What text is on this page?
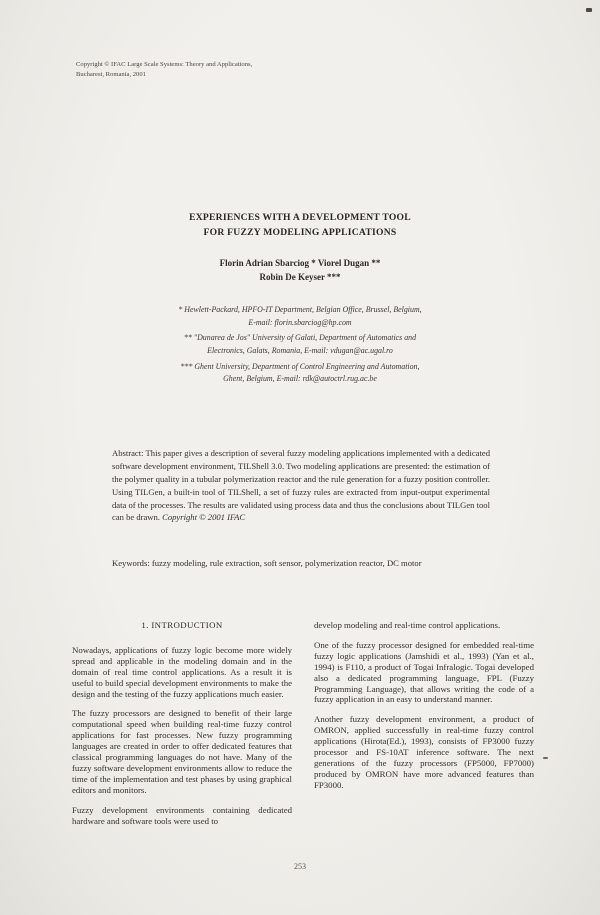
Copyright © IFAC Large Scale Systems: Theory and Applications, Bucharest, Romania, 2001
EXPERIENCES WITH A DEVELOPMENT TOOL
FOR FUZZY MODELING APPLICATIONS
Florin Adrian Sbarciog * Viorel Dugan **
Robin De Keyser ***

* Hewlett-Packard, HPFO-IT Department, Belgian Office, Brussel, Belgium, E-mail: florin.sbarciog@hp.com

** "Dunarea de Jos" University of Galati, Department of Automatics and Electronics, Galats, Romania, E-mail: vdugan@ac.ugal.ro

*** Ghent University, Department of Control Engineering and Automation, Ghent, Belgium, E-mail: rdk@autoctrl.rug.ac.be

Abstract: This paper gives a description of several fuzzy modeling applications implemented with a dedicated software development environment, TILShell 3.0. Two modeling applications are presented: the estimation of the polymer quality in a tubular polymerization reactor and the rule generation for a fuzzy position controller. Using TILGen, a built-in tool of TILShell, a set of fuzzy rules are extracted from input-output experimental data of the processes. The results are validated using process data and thus the conclusions about TILGen tool can be drawn. Copyright © 2001 IFAC

Keywords: fuzzy modeling, rule extraction, soft sensor, polymerization reactor, DC motor

1. INTRODUCTION

Nowadays, applications of fuzzy logic become more widely spread and applicable in the modeling domain and in the domain of real time control applications. As a result it is useful to build special development environments to make the design and the testing of the fuzzy applications much easier.

The fuzzy processors are designed to benefit of their large computational speed when building real-time fuzzy control applications for fast processes. New fuzzy programming languages are created in order to offer dedicated features that classical programming languages do not have. Many of the fuzzy software development environments allow to reduce the time of the implementation and test phases by using graphical editors and monitors.

Fuzzy development environments containing dedicated hardware and software tools were used to

develop modeling and real-time control applications.

One of the fuzzy processor designed for embedded real-time fuzzy logic applications (Jamshidi et al., 1993) (Yan et al., 1994) is F110, a product of Togai Infralogic. Togai developed also a dedicated programming language, FPL (Fuzzy Programming Language), that allows writing the code of a fuzzy application in an easy to understand manner.

Another fuzzy development environment, a product of OMRON, applied successfully in real-time fuzzy control applications (Hirota(Ed.), 1993), consists of FP3000 fuzzy processor and FS-10AT inference software. The next generations of the fuzzy processors (FP5000, FP7000) produced by OMRON have more advanced features than FP3000.

253
